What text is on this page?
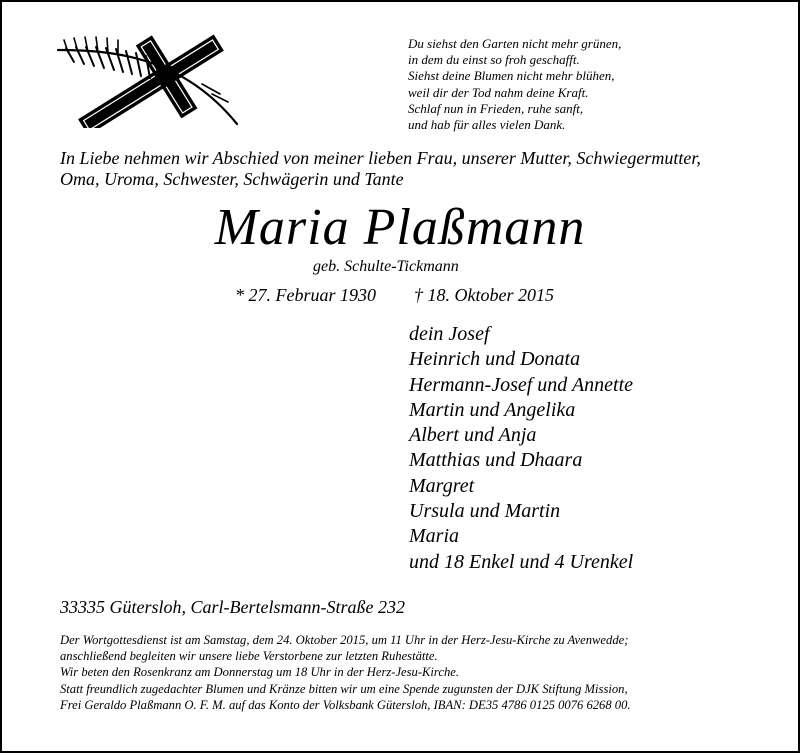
Du siehst den Garten nicht mehr grünen,
in dem du einst so froh geschafft.
Siehst deine Blumen nicht mehr blühen,
weil dir der Tod nahm deine Kraft.
Schlaf nun in Frieden, ruhe sanft,
und hab für alles vielen Dank.
In Liebe nehmen wir Abschied von meiner lieben Frau, unserer Mutter, Schwiegermutter,
Oma, Uroma, Schwester, Schwägerin und Tante
Maria Plaßmann
geb. Schulte-Tickmann
* 27. Februar 1930 † 18. Oktober 2015
dein Josef
Heinrich und Donata
Hermann-Josef und Annette
Martin und Angelika
Albert und Anja
Matthias und Dhaara
Margret
Ursula und Martin
Maria
und 18 Enkel und 4 Urenkel
33335 Gütersloh, Carl-Bertelsmann-Straße 232

Der Wortgottesdienst ist am Samstag, dem 24. Oktober 2015, um 11 Uhr in der Herz-Jesu-Kirche zu Avenwedde;

anschließend begleiten wir unsere liebe Verstorbene zur letzten Ruhestätte.

Wir beten den Rosenkranz am Donnerstag um 18 Uhr in der Herz-Jesu-Kirche.

Statt freundlich zugedachter Blumen und Kränze bitten wir um eine Spende zugunsten der DJK Stiftung Mission,

Frei Geraldo Plaßmann O. F. M. auf das Konto der Volksbank Gütersloh, IBAN: DE35 4786 0125 0076 6268 00.
